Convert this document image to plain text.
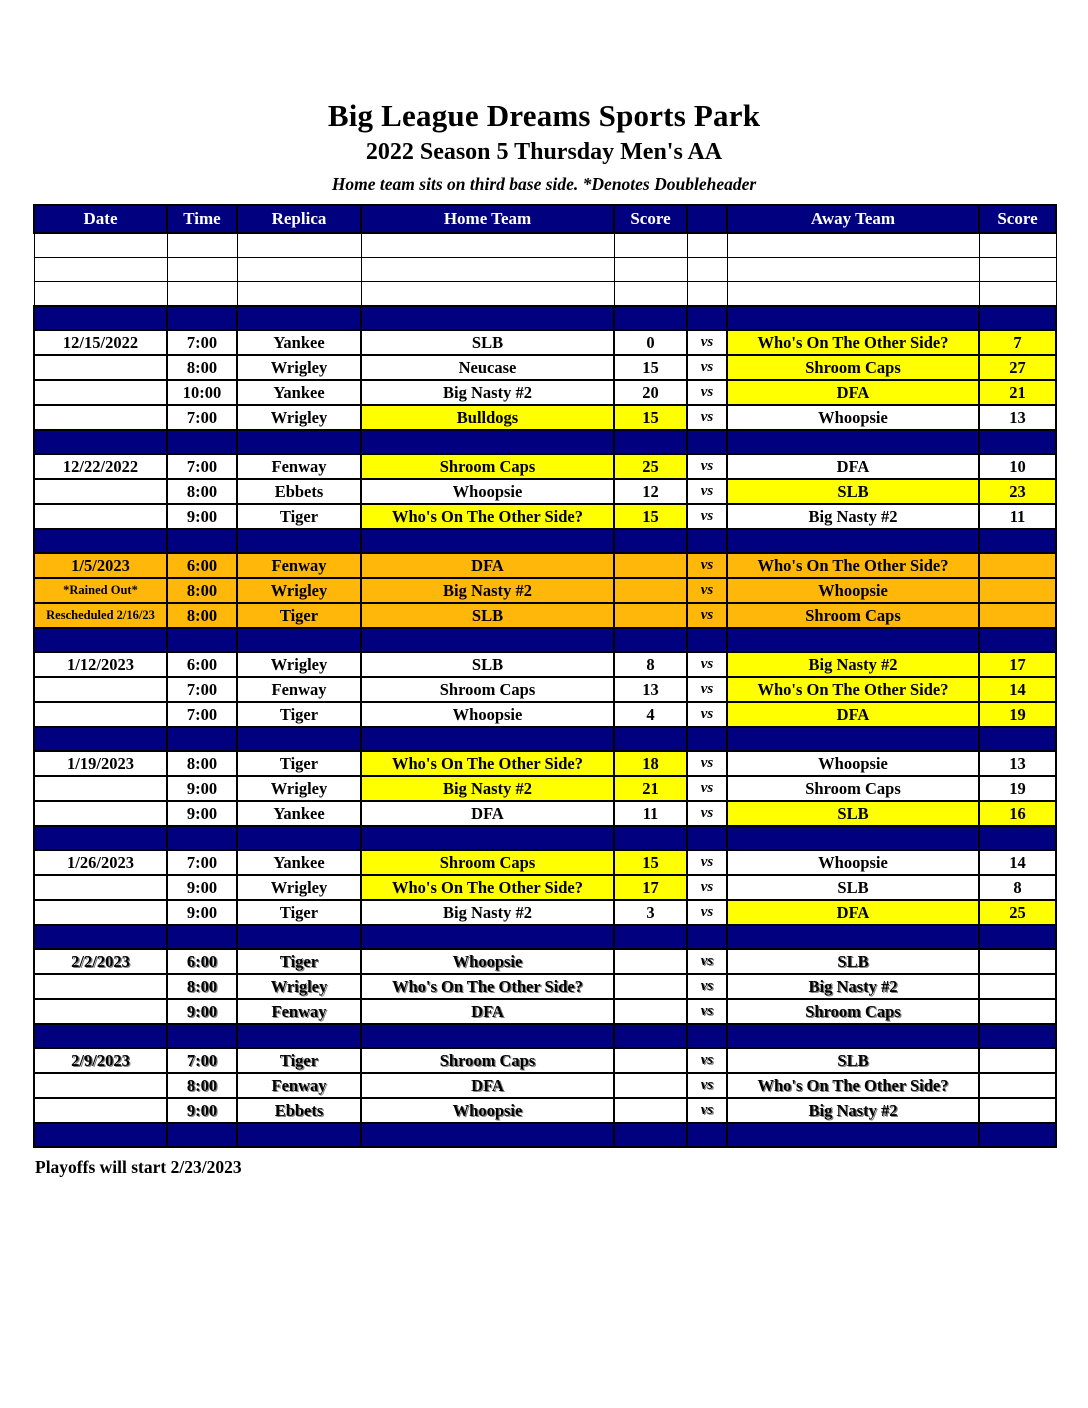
Big League Dreams Sports Park
2022 Season 5 Thursday Men's AA
Home team sits on third base side. *Denotes Doubleheader
Date	Time	Replica	Home Team	Score		Away Team	Score

12/15/2022	7:00	Yankee	SLB	0	vs	Who's On The Other Side?	7
	8:00	Wrigley	Neucase	15	vs	Shroom Caps	27
	10:00	Yankee	Big Nasty #2	20	vs	DFA	21
	7:00	Wrigley	Bulldogs	15	vs	Whoopsie	13

12/22/2022	7:00	Fenway	Shroom Caps	25	vs	DFA	10
	8:00	Ebbets	Whoopsie	12	vs	SLB	23
	9:00	Tiger	Who's On The Other Side?	15	vs	Big Nasty #2	11

1/5/2023	6:00	Fenway	DFA		vs	Who's On The Other Side?	
*Rained Out*	8:00	Wrigley	Big Nasty #2		vs	Whoopsie	
Rescheduled 2/16/23	8:00	Tiger	SLB		vs	Shroom Caps	

1/12/2023	6:00	Wrigley	SLB	8	vs	Big Nasty #2	17
	7:00	Fenway	Shroom Caps	13	vs	Who's On The Other Side?	14
	7:00	Tiger	Whoopsie	4	vs	DFA	19

1/19/2023	8:00	Tiger	Who's On The Other Side?	18	vs	Whoopsie	13
	9:00	Wrigley	Big Nasty #2	21	vs	Shroom Caps	19
	9:00	Yankee	DFA	11	vs	SLB	16

1/26/2023	7:00	Yankee	Shroom Caps	15	vs	Whoopsie	14
	9:00	Wrigley	Who's On The Other Side?	17	vs	SLB	8
	9:00	Tiger	Big Nasty #2	3	vs	DFA	25

2/2/2023	6:00	Tiger	Whoopsie		vs	SLB	
	8:00	Wrigley	Who's On The Other Side?		vs	Big Nasty #2	
	9:00	Fenway	DFA		vs	Shroom Caps	

2/9/2023	7:00	Tiger	Shroom Caps		vs	SLB	
	8:00	Fenway	DFA		vs	Who's On The Other Side?	
	9:00	Ebbets	Whoopsie		vs	Big Nasty #2	

Playoffs will start 2/23/2023
